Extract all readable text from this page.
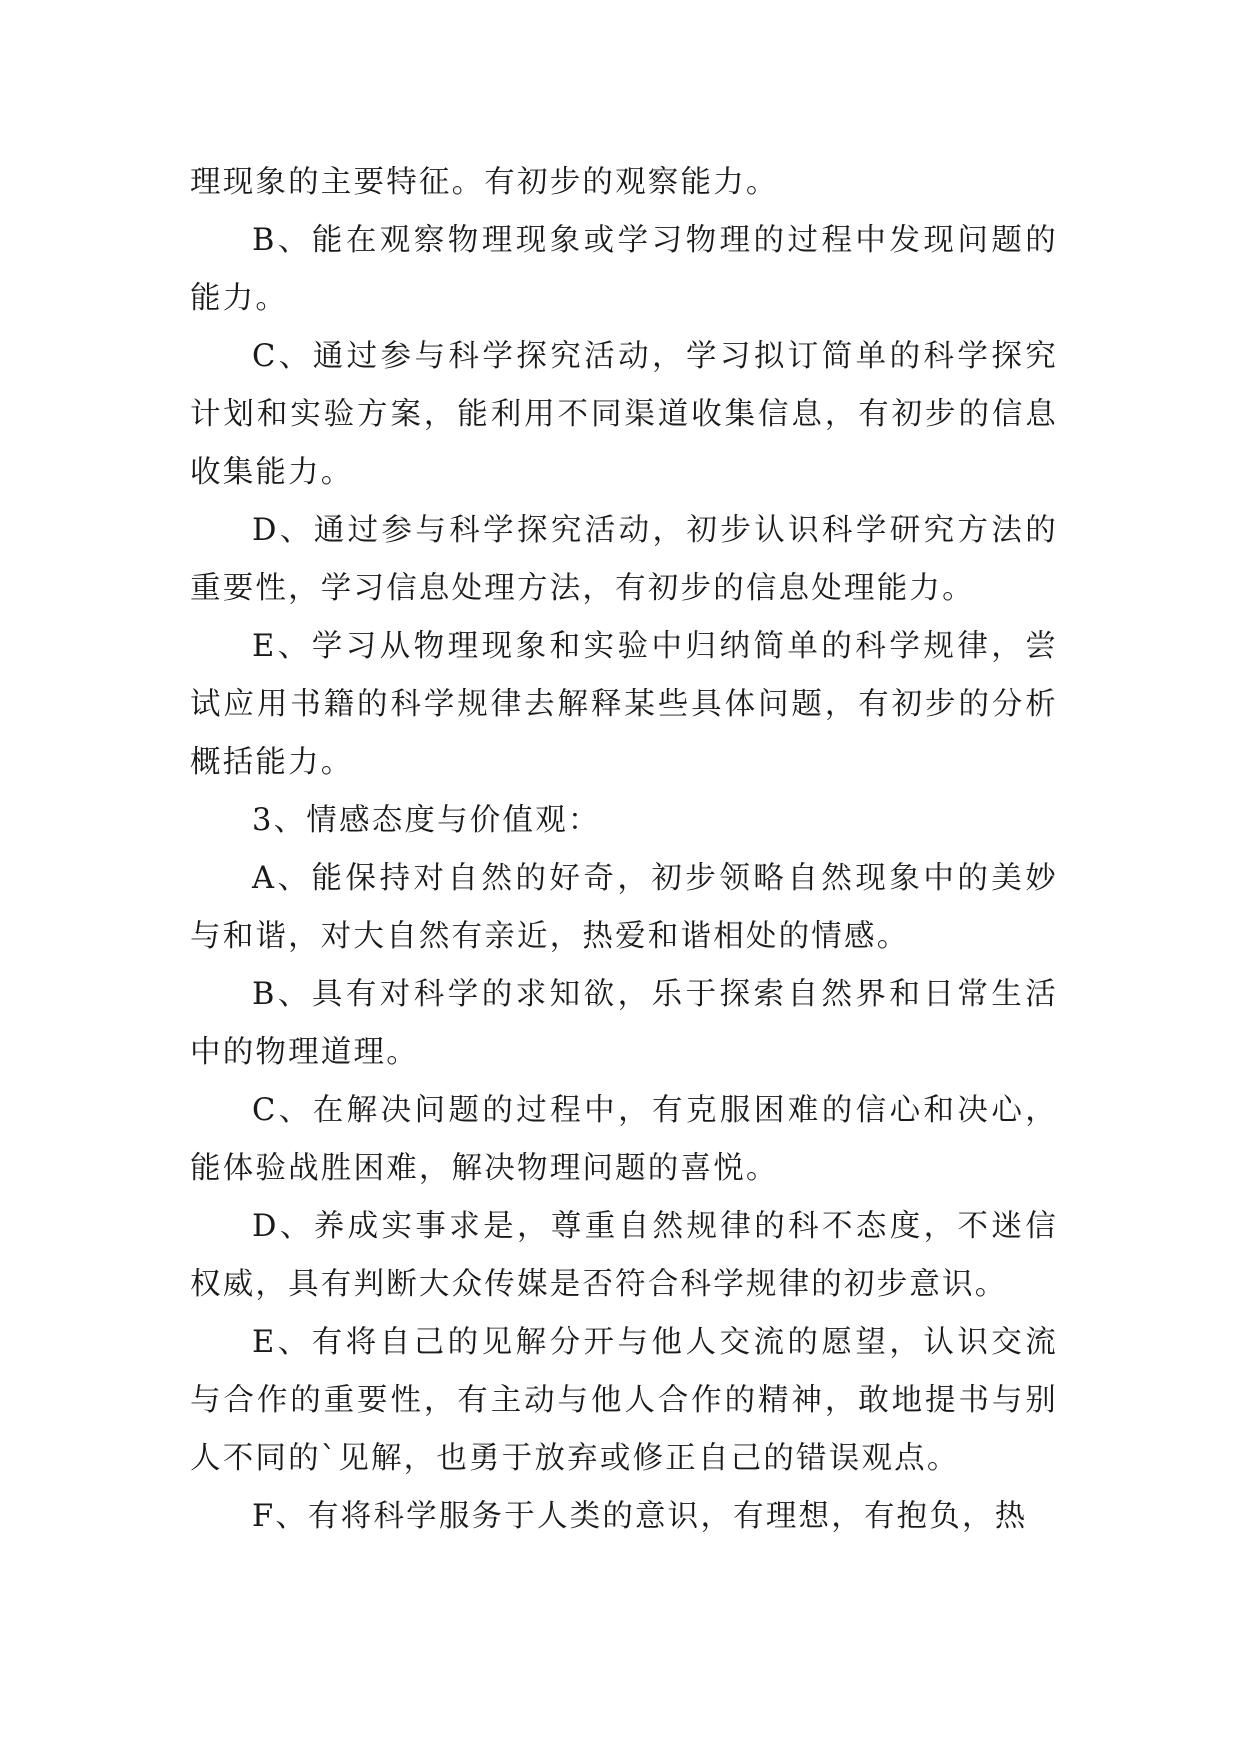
理现象的主要特征。有初步的观察能力。

B、能在观察物理现象或学习物理的过程中发现问题的能力。

C、通过参与科学探究活动，学习拟订简单的科学探究计划和实验方案，能利用不同渠道收集信息，有初步的信息收集能力。

D、通过参与科学探究活动，初步认识科学研究方法的重要性，学习信息处理方法，有初步的信息处理能力。

E、学习从物理现象和实验中归纳简单的科学规律，尝试应用书籍的科学规律去解释某些具体问题，有初步的分析概括能力。

3、情感态度与价值观：

A、能保持对自然的好奇，初步领略自然现象中的美妙与和谐，对大自然有亲近，热爱和谐相处的情感。

B、具有对科学的求知欲，乐于探索自然界和日常生活中的物理道理。

C、在解决问题的过程中，有克服困难的信心和决心，能体验战胜困难，解决物理问题的喜悦。

D、养成实事求是，尊重自然规律的科不态度，不迷信权威，具有判断大众传媒是否符合科学规律的初步意识。

E、有将自己的见解分开与他人交流的愿望，认识交流与合作的重要性，有主动与他人合作的精神，敢地提书与别人不同的`见解，也勇于放弃或修正自己的错误观点。

F、有将科学服务于人类的意识，有理想，有抱负，热
